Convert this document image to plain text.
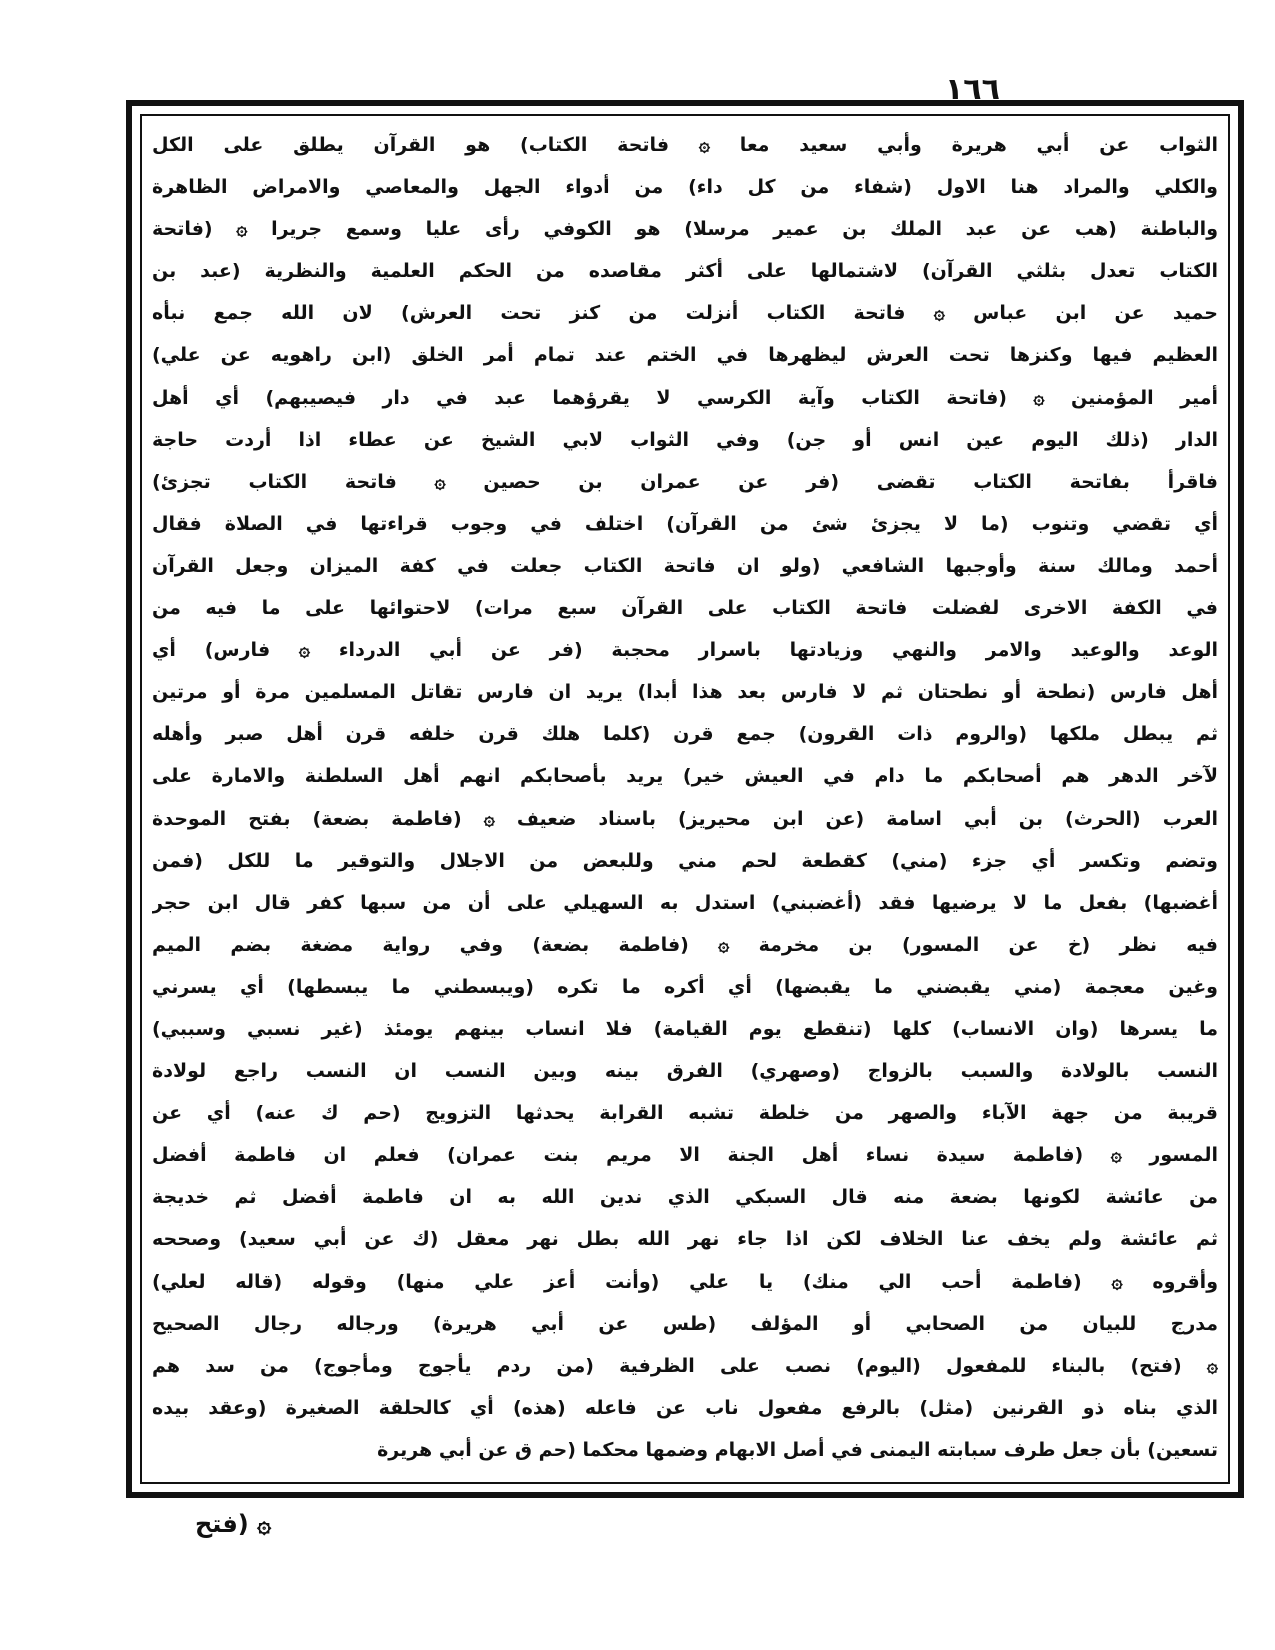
١٦٦
الثواب عن أبي هريرة وأبي سعيد معا ۞ فاتحة الكتاب) هو القرآن يطلق على الكل
والكلي والمراد هنا الاول (شفاء من كل داء) من أدواء الجهل والمعاصي والامراض الظاهرة
والباطنة (هب عن عبد الملك بن عمير مرسلا) هو الكوفي رأى عليا وسمع جريرا ۞ (فاتحة
الكتاب تعدل بثلثي القرآن) لاشتمالها على أكثر مقاصده من الحكم العلمية والنظرية (عبد بن
حميد عن ابن عباس ۞ فاتحة الكتاب أنزلت من كنز تحت العرش) لان الله جمع نبأه
العظيم فيها وكنزها تحت العرش ليظهرها في الختم عند تمام أمر الخلق (ابن راهويه عن علي)
أمير المؤمنين ۞ (فاتحة الكتاب وآية الكرسي لا يقرؤهما عبد في دار فيصيبهم) أي أهل
الدار (ذلك اليوم عين انس أو جن) وفي الثواب لابي الشيخ عن عطاء اذا أردت حاجة
فاقرأ بفاتحة الكتاب تقضى (فر عن عمران بن حصين ۞ فاتحة الكتاب تجزئ)
أي تقضي وتنوب (ما لا يجزئ شئ من القرآن) اختلف في وجوب قراءتها في الصلاة فقال
أحمد ومالك سنة وأوجبها الشافعي (ولو ان فاتحة الكتاب جعلت في كفة الميزان وجعل القرآن
في الكفة الاخرى لفضلت فاتحة الكتاب على القرآن سبع مرات) لاحتوائها على ما فيه من
الوعد والوعيد والامر والنهي وزيادتها باسرار محجبة (فر عن أبي الدرداء ۞ فارس) أي
أهل فارس (نطحة أو نطحتان ثم لا فارس بعد هذا أبدا) يريد ان فارس تقاتل المسلمين مرة أو مرتين
ثم يبطل ملكها (والروم ذات القرون) جمع قرن (كلما هلك قرن خلفه قرن أهل صبر وأهله
لآخر الدهر هم أصحابكم ما دام في العيش خير) يريد بأصحابكم انهم أهل السلطنة والامارة على
العرب (الحرث) بن أبي اسامة (عن ابن محيريز) باسناد ضعيف ۞ (فاطمة بضعة) بفتح الموحدة
وتضم وتكسر أي جزء (مني) كقطعة لحم مني وللبعض من الاجلال والتوقير ما للكل (فمن
أغضبها) بفعل ما لا يرضيها فقد (أغضبني) استدل به السهيلي على أن من سبها كفر قال ابن حجر
فيه نظر (خ عن المسور) بن مخرمة ۞ (فاطمة بضعة) وفي رواية مضغة بضم الميم
وغين معجمة (مني يقبضني ما يقبضها) أي أكره ما تكره (ويبسطني ما يبسطها) أي يسرني
ما يسرها (وان الانساب) كلها (تنقطع يوم القيامة) فلا انساب بينهم يومئذ (غير نسبي وسببي)
النسب بالولادة والسبب بالزواج (وصهري) الفرق بينه وبين النسب ان النسب راجع لولادة
قريبة من جهة الآباء والصهر من خلطة تشبه القرابة يحدثها التزويج (حم ك عنه) أي عن
المسور ۞ (فاطمة سيدة نساء أهل الجنة الا مريم بنت عمران) فعلم ان فاطمة أفضل
من عائشة لكونها بضعة منه قال السبكي الذي ندين الله به ان فاطمة أفضل ثم خديجة
ثم عائشة ولم يخف عنا الخلاف لكن اذا جاء نهر الله بطل نهر معقل (ك عن أبي سعيد) وصححه
وأقروه ۞ (فاطمة أحب الي منك) يا علي (وأنت أعز علي منها) وقوله (قاله لعلي)
مدرج للبيان من الصحابي أو المؤلف (طس عن أبي هريرة) ورجاله رجال الصحيح
۞ (فتح) بالبناء للمفعول (اليوم) نصب على الظرفية (من ردم يأجوج ومأجوج) من سد هم
الذي بناه ذو القرنين (مثل) بالرفع مفعول ناب عن فاعله (هذه) أي كالحلقة الصغيرة (وعقد بيده
تسعين) بأن جعل طرف سبابته اليمنى في أصل الابهام وضمها محكما (حم ق عن أبي هريرة
۞ (فتح
